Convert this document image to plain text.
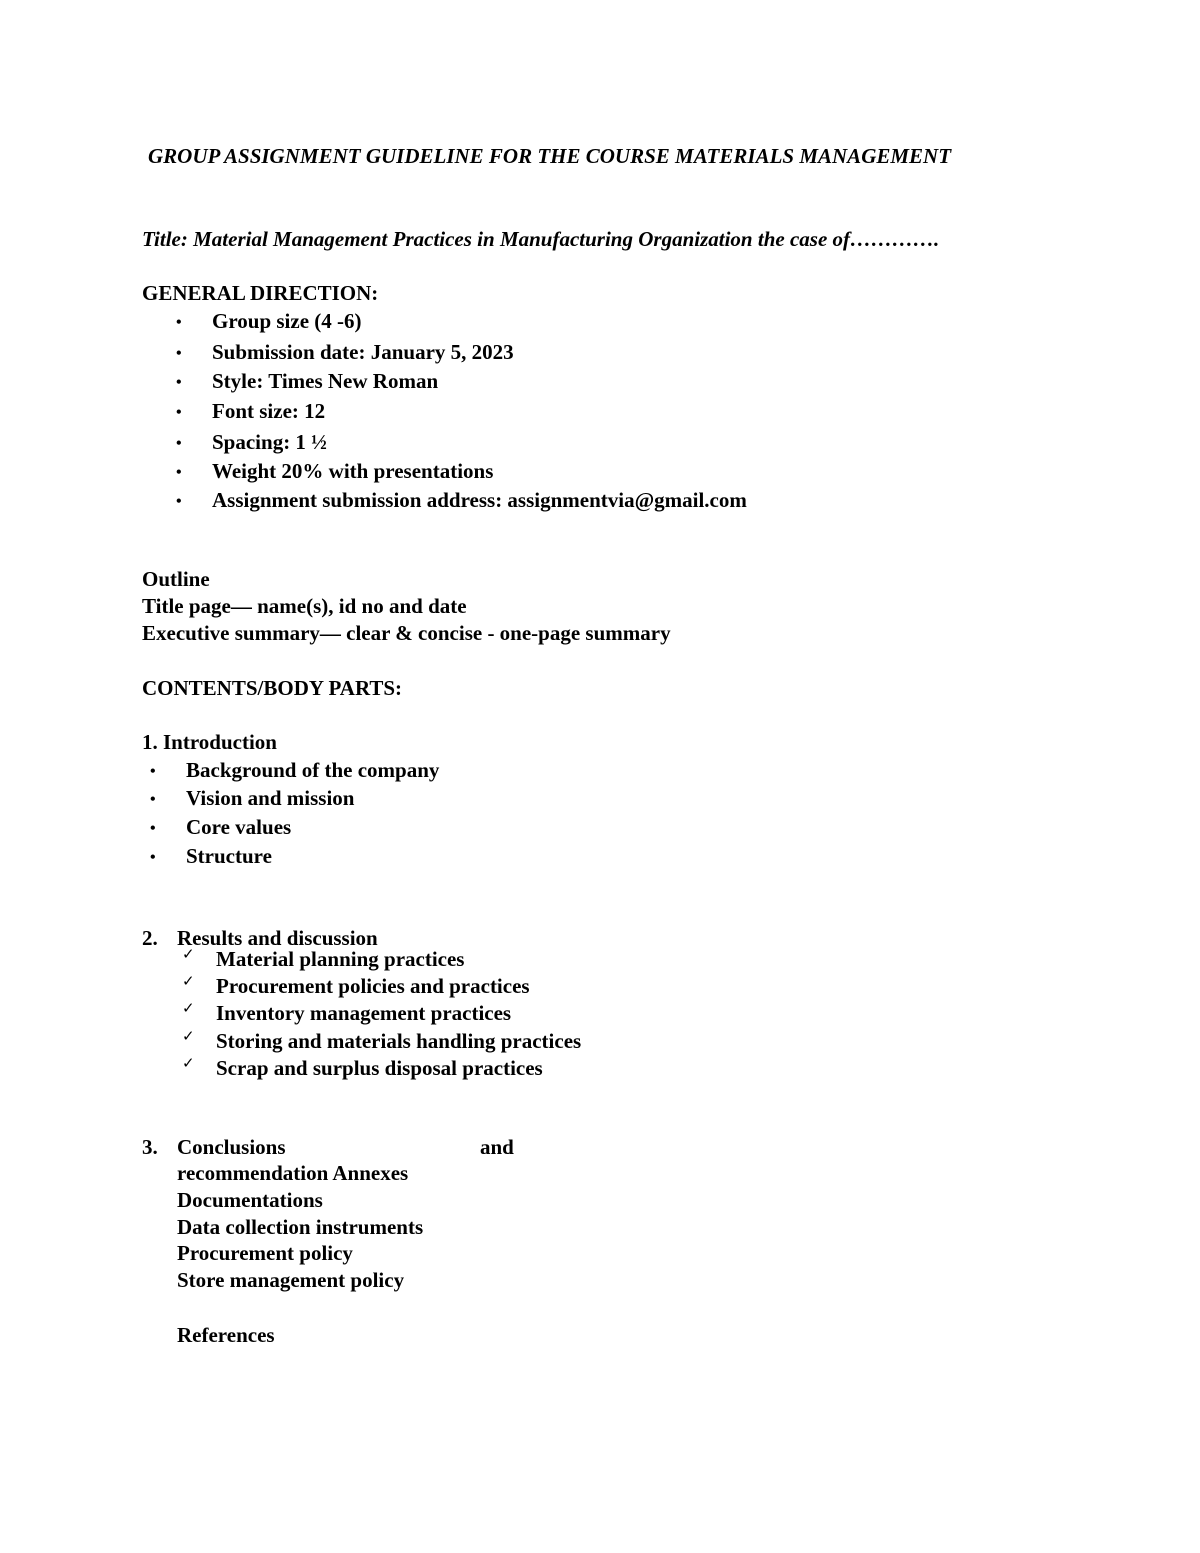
GROUP ASSIGNMENT GUIDELINE FOR THE COURSE MATERIALS MANAGEMENT
Title: Material Management Practices in Manufacturing Organization the case of………….
GENERAL DIRECTION:
• Group size (4 -6)
• Submission date: January 5, 2023
• Style: Times New Roman
• Font size: 12
• Spacing: 1 ½
• Weight 20% with presentations
• Assignment submission address: assignmentvia@gmail.com
Outline
Title page— name(s), id no and date
Executive summary— clear & concise - one-page summary
CONTENTS/BODY PARTS:
1. Introduction
• Background of the company
• Vision and mission
• Core values
• Structure
2. Results and discussion
✓ Material planning practices
✓ Procurement policies and practices
✓ Inventory management practices
✓ Storing and materials handling practices
✓ Scrap and surplus disposal practices
3. Conclusions	and
recommendation Annexes
Documentations
Data collection instruments
Procurement policy
Store management policy
References
